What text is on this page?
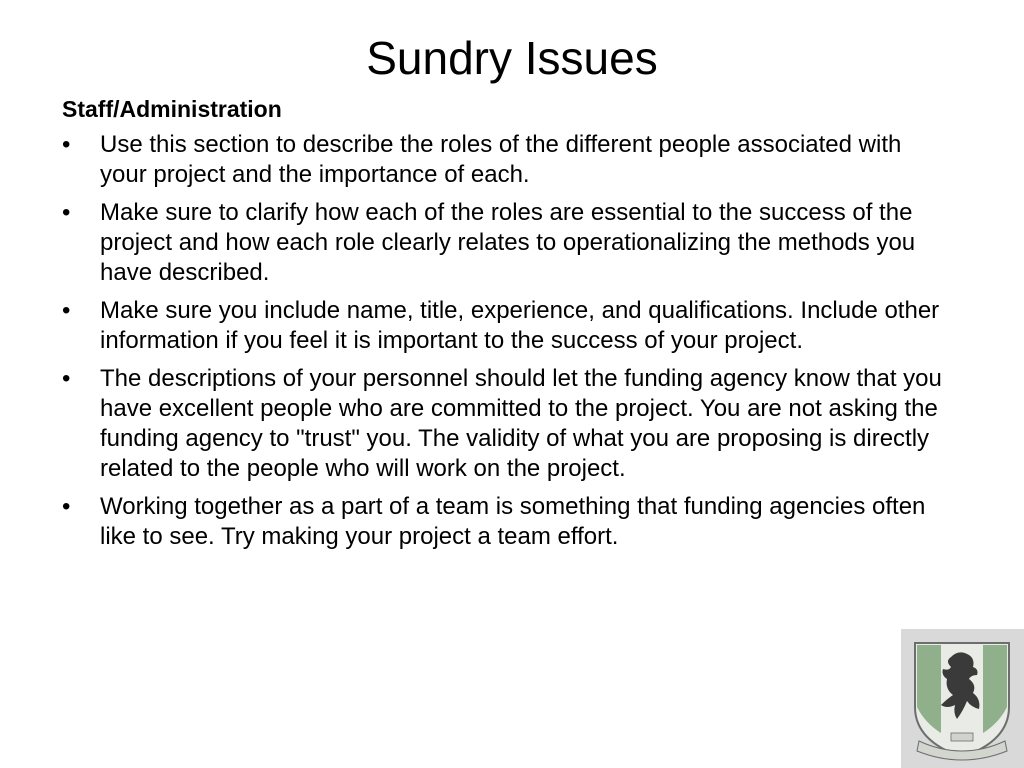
Sundry Issues
Staff/Administration
•	Use this section to describe the roles of the different people associated with your project and the importance of each.
•	Make sure to clarify how each of the roles are essential to the success of the project and how each role clearly relates to operationalizing the methods you have described.
•	Make sure you include name, title, experience, and qualifications. Include other information if you feel it is important to the success of your project.
•	The descriptions of your personnel should let the funding agency know that you have excellent people who are committed to the project. You are not asking the funding agency to "trust" you. The validity of what you are proposing is directly related to the people who will work on the project.
•	Working together as a part of a team is something that funding agencies often like to see. Try making your project a team effort.
